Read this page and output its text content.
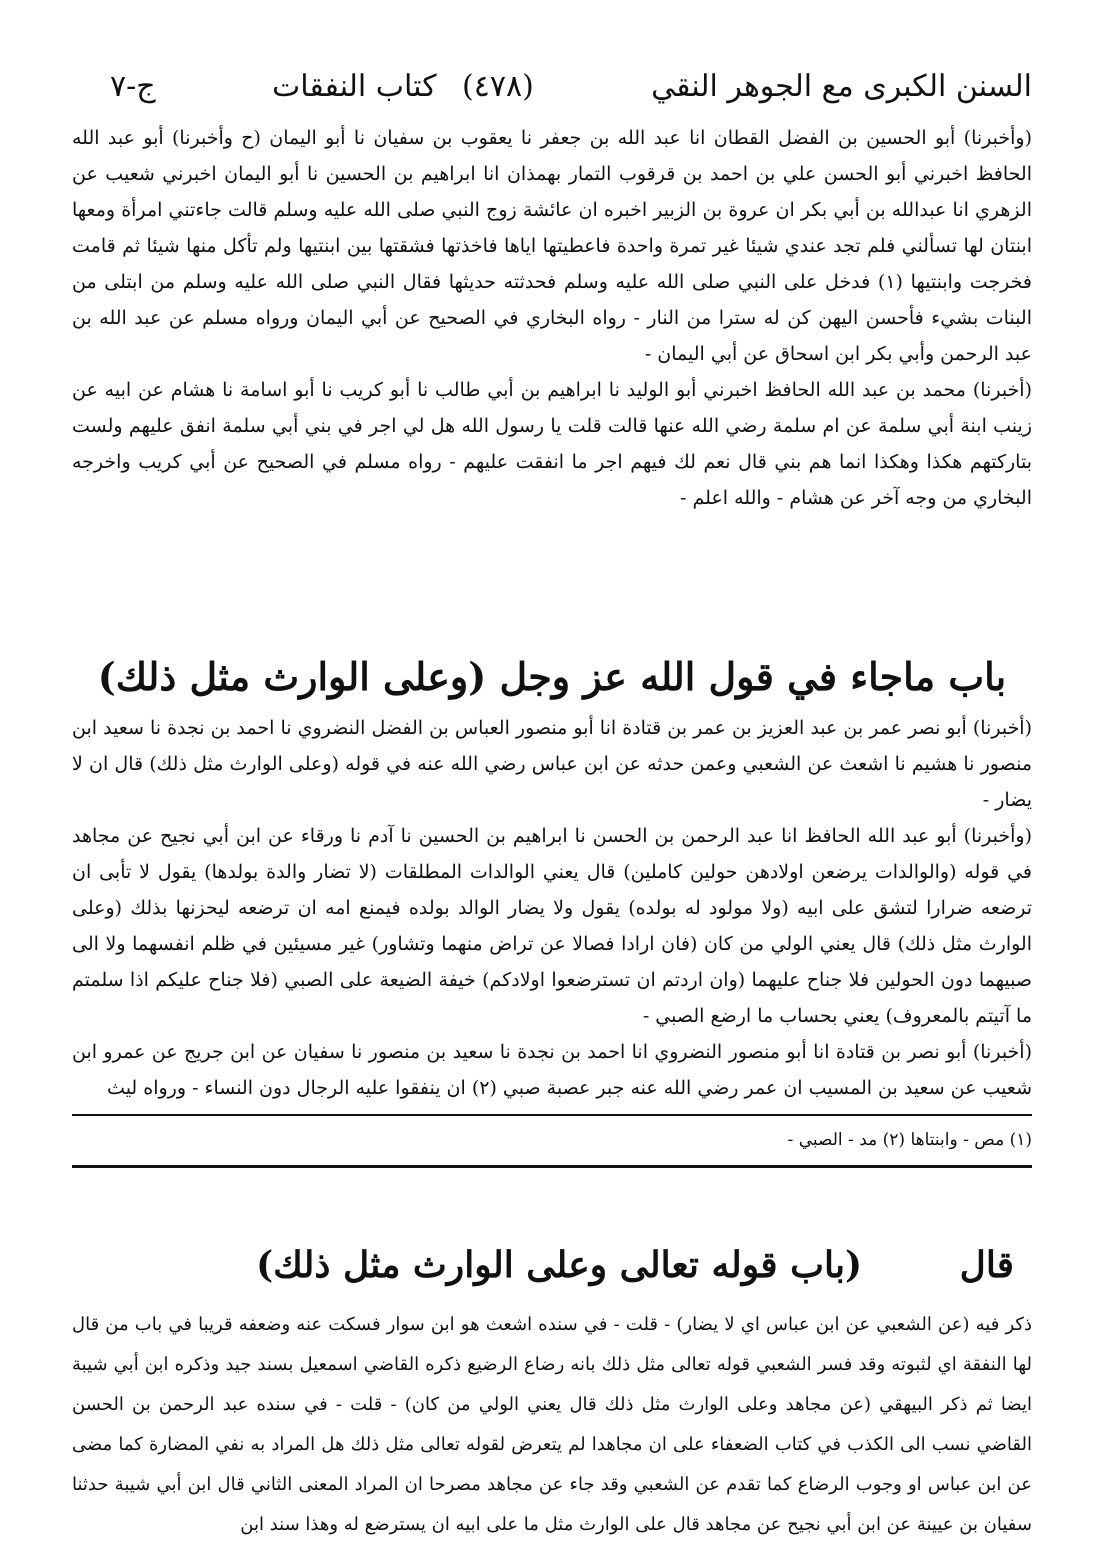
السنن الكبرى مع الجوهر النقي
(٤٧٨)
كتاب النفقات
ج-٧

(وأخبرنا) أبو الحسين بن الفضل القطان انا عبد الله بن جعفر نا يعقوب بن سفيان نا أبو اليمان (ح وأخبرنا) أبو عبد الله الحافظ اخبرني أبو الحسن علي بن احمد بن قرقوب التمار بهمذان انا ابراهيم بن الحسين نا أبو اليمان اخبرني شعيب عن الزهري انا عبدالله بن أبي بكر ان عروة بن الزبير اخبره ان عائشة زوج النبي صلى الله عليه وسلم قالت جاءتني امرأة ومعها ابنتان لها تسألني فلم تجد عندي شيئا غير تمرة واحدة فاعطيتها اياها فاخذتها فشقتها بين ابنتيها ولم تأكل منها شيئا ثم قامت فخرجت وابنتيها (١) فدخل على النبي صلى الله عليه وسلم فحدثته حديثها فقال النبي صلى الله عليه وسلم من ابتلى من البنات بشيء فأحسن اليهن كن له سترا من النار - رواه البخاري في الصحيح عن أبي اليمان ورواه مسلم عن عبد الله بن عبد الرحمن وأبي بكر ابن اسحاق عن أبي اليمان -

(أخبرنا) محمد بن عبد الله الحافظ اخبرني أبو الوليد نا ابراهيم بن أبي طالب نا أبو كريب نا أبو اسامة نا هشام عن ابيه عن زينب ابنة أبي سلمة عن ام سلمة رضي الله عنها قالت قلت يا رسول الله هل لي اجر في بني أبي سلمة انفق عليهم ولست بتاركتهم هكذا وهكذا انما هم بني قال نعم لك فيهم اجر ما انفقت عليهم - رواه مسلم في الصحيح عن أبي كريب واخرجه البخاري من وجه آخر عن هشام - والله اعلم -

باب ماجاء في قول الله عز وجل (وعلى الوارث مثل ذلك)

(أخبرنا) أبو نصر عمر بن عبد العزيز بن عمر بن قتادة انا أبو منصور العباس بن الفضل النضروي نا احمد بن نجدة نا سعيد ابن منصور نا هشيم نا اشعث عن الشعبي وعمن حدثه عن ابن عباس رضي الله عنه في قوله (وعلى الوارث مثل ذلك) قال ان لا يضار -

(وأخبرنا) أبو عبد الله الحافظ انا عبد الرحمن بن الحسن نا ابراهيم بن الحسين نا آدم نا ورقاء عن ابن أبي نجيح عن مجاهد في قوله (والوالدات يرضعن اولادهن حولين كاملين) قال يعني الوالدات المطلقات (لا تضار والدة بولدها) يقول لا تأبى ان ترضعه ضرارا لتشق على ابيه (ولا مولود له بولده) يقول ولا يضار الوالد بولده فيمنع امه ان ترضعه ليحزنها بذلك (وعلى الوارث مثل ذلك) قال يعني الولي من كان (فان ارادا فصالا عن تراض منهما وتشاور) غير مسيئين في ظلم انفسهما ولا الى صبيهما دون الحولين فلا جناح عليهما (وان اردتم ان تسترضعوا اولادكم) خيفة الضيعة على الصبي (فلا جناح عليكم اذا سلمتم ما آتيتم بالمعروف) يعني بحساب ما ارضع الصبي -

(أخبرنا) أبو نصر بن قتادة انا أبو منصور النضروي انا احمد بن نجدة نا سعيد بن منصور نا سفيان عن ابن جريج عن عمرو ابن شعيب عن سعيد بن المسيب ان عمر رضي الله عنه جبر عصبة صبي (٢) ان ينفقوا عليه الرجال دون النساء - ورواه ليث

(١) مص - وابنتاها (٢) مد - الصبي -
قال
(باب قوله تعالى وعلى الوارث مثل ذلك)

ذكر فيه (عن الشعبي عن ابن عباس اي لا يضار) - قلت - في سنده اشعث هو ابن سوار فسكت عنه وضعفه قريبا في باب من قال لها النفقة اي لثبوته وقد فسر الشعبي قوله تعالى مثل ذلك بانه رضاع الرضيع ذكره القاضي اسمعيل بسند جيد وذكره ابن أبي شيبة ايضا ثم ذكر البيهقي (عن مجاهد وعلى الوارث مثل ذلك قال يعني الولي من كان) - قلت - في سنده عبد الرحمن بن الحسن القاضي نسب الى الكذب في كتاب الضعفاء على ان مجاهدا لم يتعرض لقوله تعالى مثل ذلك هل المراد به نفي المضارة كما مضى عن ابن عباس او وجوب الرضاع كما تقدم عن الشعبي وقد جاء عن مجاهد مصرحا ان المراد المعنى الثاني قال ابن أبي شيبة حدثنا سفيان بن عيينة عن ابن أبي نجيح عن مجاهد قال على الوارث مثل ما على ابيه ان يسترضع له وهذا سند ابن
